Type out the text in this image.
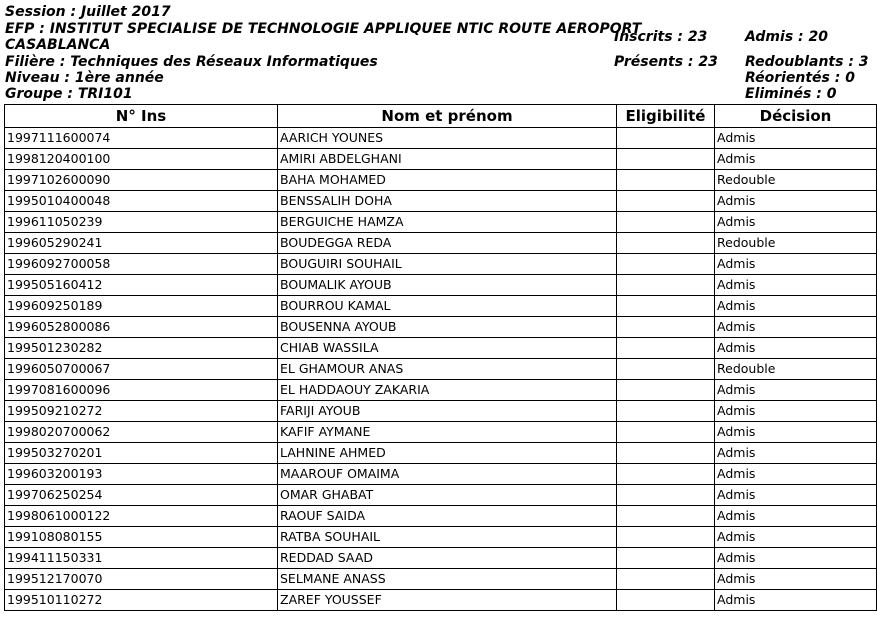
Session : Juillet 2017
EFP : INSTITUT SPECIALISE DE TECHNOLOGIE APPLIQUEE NTIC ROUTE AEROPORT
CASABLANCA
Filière : Techniques des Réseaux Informatiques
Niveau : 1ère année
Groupe : TRI101
Inscrits : 23
Présents : 23
Admis : 20
Redoublants : 3
Réorientés : 0
Eliminés : 0
N° Ins	Nom et prénom	Eligibilité	Décision
1997111600074	AARICH YOUNES		Admis
1998120400100	AMIRI ABDELGHANI		Admis
1997102600090	BAHA MOHAMED		Redouble
1995010400048	BENSSALIH DOHA		Admis
199611050239	BERGUICHE HAMZA		Admis
199605290241	BOUDEGGA REDA		Redouble
1996092700058	BOUGUIRI SOUHAIL		Admis
199505160412	BOUMALIK AYOUB		Admis
199609250189	BOURROU KAMAL		Admis
1996052800086	BOUSENNA AYOUB		Admis
199501230282	CHIAB WASSILA		Admis
1996050700067	EL GHAMOUR ANAS		Redouble
1997081600096	EL HADDAOUY ZAKARIA		Admis
199509210272	FARIJI AYOUB		Admis
1998020700062	KAFIF AYMANE		Admis
199503270201	LAHNINE AHMED		Admis
199603200193	MAAROUF OMAIMA		Admis
199706250254	OMAR GHABAT		Admis
1998061000122	RAOUF SAIDA		Admis
199108080155	RATBA SOUHAIL		Admis
199411150331	REDDAD SAAD		Admis
199512170070	SELMANE ANASS		Admis
199510110272	ZAREF YOUSSEF		Admis
